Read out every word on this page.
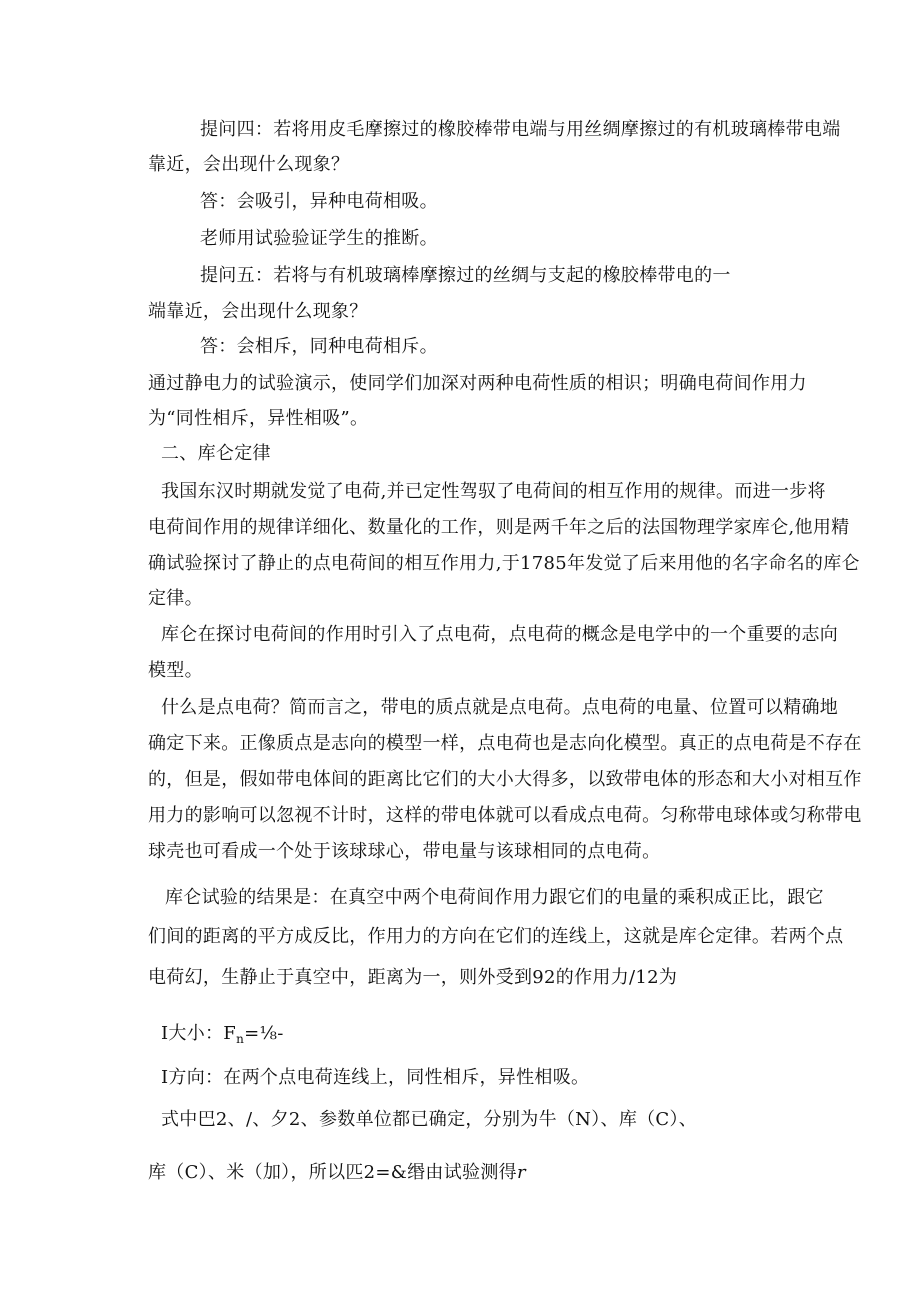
提问四：若将用皮毛摩擦过的橡胶棒带电端与用丝绸摩擦过的有机玻璃棒带电端

靠近，会出现什么现象？

答：会吸引，异种电荷相吸。

老师用试验验证学生的推断。

提问五：若将与有机玻璃棒摩擦过的丝绸与支起的橡胶棒带电的一

端靠近，会出现什么现象？

答：会相斥，同种电荷相斥。

通过静电力的试验演示，使同学们加深对两种电荷性质的相识；明确电荷间作用力

为“同性相斥，异性相吸”。

二、库仑定律

我国东汉时期就发觉了电荷,并已定性驾驭了电荷间的相互作用的规律。而进一步将

电荷间作用的规律详细化、数量化的工作，则是两千年之后的法国物理学家库仑,他用精

确试验探讨了静止的点电荷间的相互作用力,于1785年发觉了后来用他的名字命名的库仑

定律。

库仑在探讨电荷间的作用时引入了点电荷，点电荷的概念是电学中的一个重要的志向

模型。

什么是点电荷？简而言之，带电的质点就是点电荷。点电荷的电量、位置可以精确地

确定下来。正像质点是志向的模型一样，点电荷也是志向化模型。真正的点电荷是不存在

的，但是，假如带电体间的距离比它们的大小大得多，以致带电体的形态和大小对相互作

用力的影响可以忽视不计时，这样的带电体就可以看成点电荷。匀称带电球体或匀称带电

球壳也可看成一个处于该球球心，带电量与该球相同的点电荷。

库仑试验的结果是：在真空中两个电荷间作用力跟它们的电量的乘积成正比，跟它

们间的距离的平方成反比，作用力的方向在它们的连线上，这就是库仑定律。若两个点

电荷幻，生静止于真空中，距离为一，则外受到92的作用力/12为

I大小：$F_n=\frac{1}{8}-$

I方向：在两个点电荷连线上，同性相斥，异性相吸。

式中巴2、/、夕2、参数单位都已确定，分别为牛（N）、库（C）、

库（C）、米（加），所以匹2=&缗由试验测得r
